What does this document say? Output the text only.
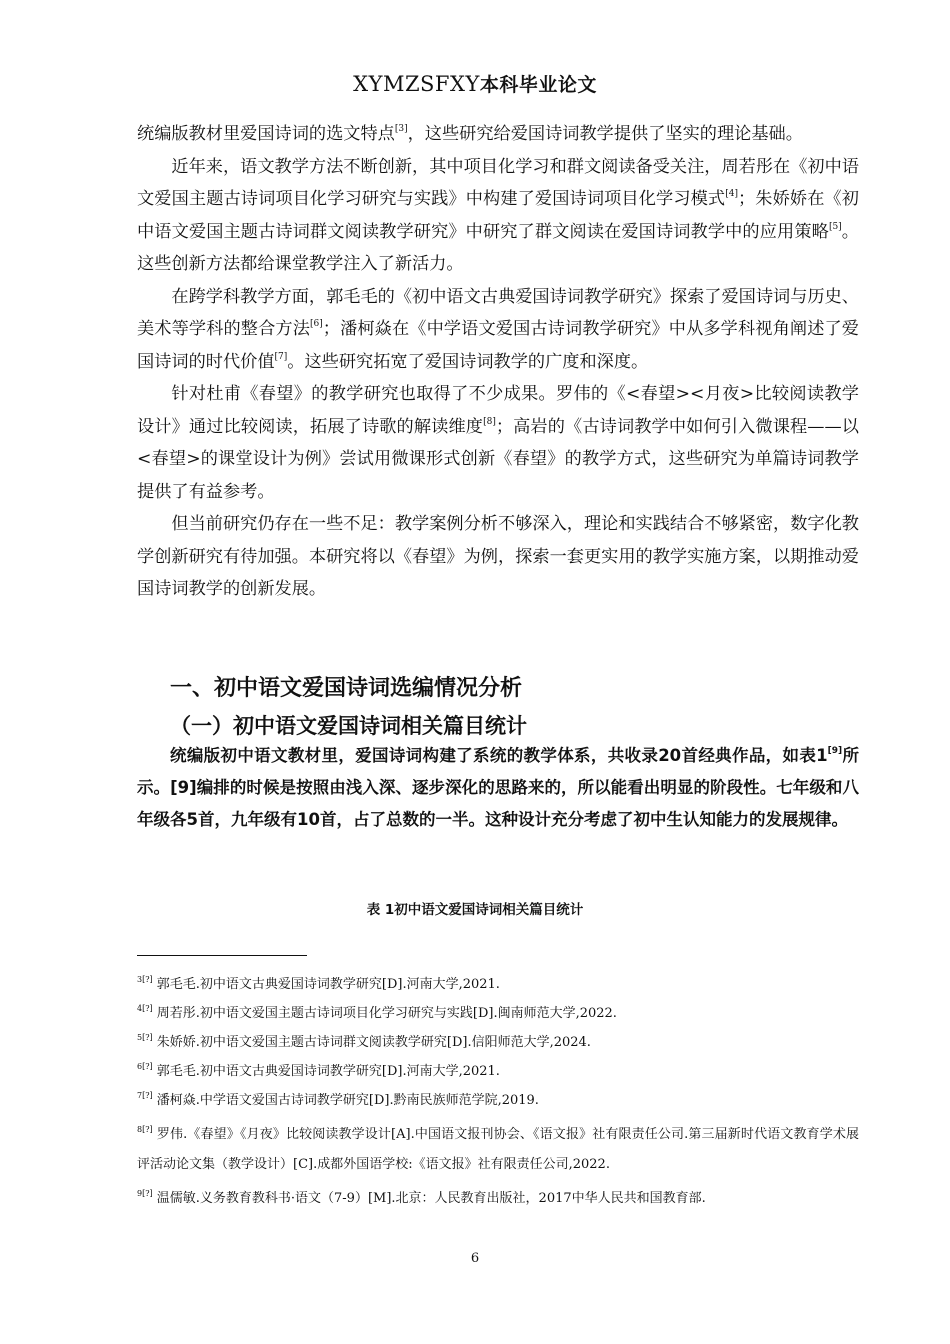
XYMZSFXY本科毕业论文

统编版教材里爱国诗词的选文特点[3]，这些研究给爱国诗词教学提供了坚实的理论基础。

近年来，语文教学方法不断创新，其中项目化学习和群文阅读备受关注，周若彤在《初中语文爱国主题古诗词项目化学习研究与实践》中构建了爱国诗词项目化学习模式[4]；朱娇娇在《初中语文爱国主题古诗词群文阅读教学研究》中研究了群文阅读在爱国诗词教学中的应用策略[5]。这些创新方法都给课堂教学注入了新活力。

在跨学科教学方面，郭毛毛的《初中语文古典爱国诗词教学研究》探索了爱国诗词与历史、美术等学科的整合方法[6]；潘柯焱在《中学语文爱国古诗词教学研究》中从多学科视角阐述了爱国诗词的时代价值[7]。这些研究拓宽了爱国诗词教学的广度和深度。

针对杜甫《春望》的教学研究也取得了不少成果。罗伟的《<春望><月夜>比较阅读教学设计》通过比较阅读，拓展了诗歌的解读维度[8]；高岩的《古诗词教学中如何引入微课程——以<春望>的课堂设计为例》尝试用微课形式创新《春望》的教学方式，这些研究为单篇诗词教学提供了有益参考。

但当前研究仍存在一些不足：教学案例分析不够深入，理论和实践结合不够紧密，数字化教学创新研究有待加强。本研究将以《春望》为例，探索一套更实用的教学实施方案，以期推动爱国诗词教学的创新发展。

一、初中语文爱国诗词选编情况分析
（一）初中语文爱国诗词相关篇目统计

统编版初中语文教材里，爱国诗词构建了系统的教学体系，共收录20首经典作品，如表1[9]所示。[9]编排的时候是按照由浅入深、逐步深化的思路来的，所以能看出明显的阶段性。七年级和八年级各5首，九年级有10首，占了总数的一半。这种设计充分考虑了初中生认知能力的发展规律。

表 1初中语文爱国诗词相关篇目统计

$^{3[?]}$ 郭毛毛.初中语文古典爱国诗词教学研究[D].河南大学,2021.

$^{4[?]}$ 周若彤.初中语文爱国主题古诗词项目化学习研究与实践[D].闽南师范大学,2022.

$^{5[?]}$ 朱娇娇.初中语文爱国主题古诗词群文阅读教学研究[D].信阳师范大学,2024.

$^{6[?]}$ 郭毛毛.初中语文古典爱国诗词教学研究[D].河南大学,2021.

$^{7[?]}$ 潘柯焱.中学语文爱国古诗词教学研究[D].黔南民族师范学院,2019.

$^{8[?]}$ 罗伟.《春望》《月夜》比较阅读教学设计[A].中国语文报刊协会、《语文报》社有限责任公司.第三届新时代语文教育学术展评活动论文集（教学设计）[C].成都外国语学校:《语文报》社有限责任公司,2022.

$^{9[?]}$ 温儒敏.义务教育教科书·语文（7-9）[M].北京：人民教育出版社，2017中华人民共和国教育部.

6
